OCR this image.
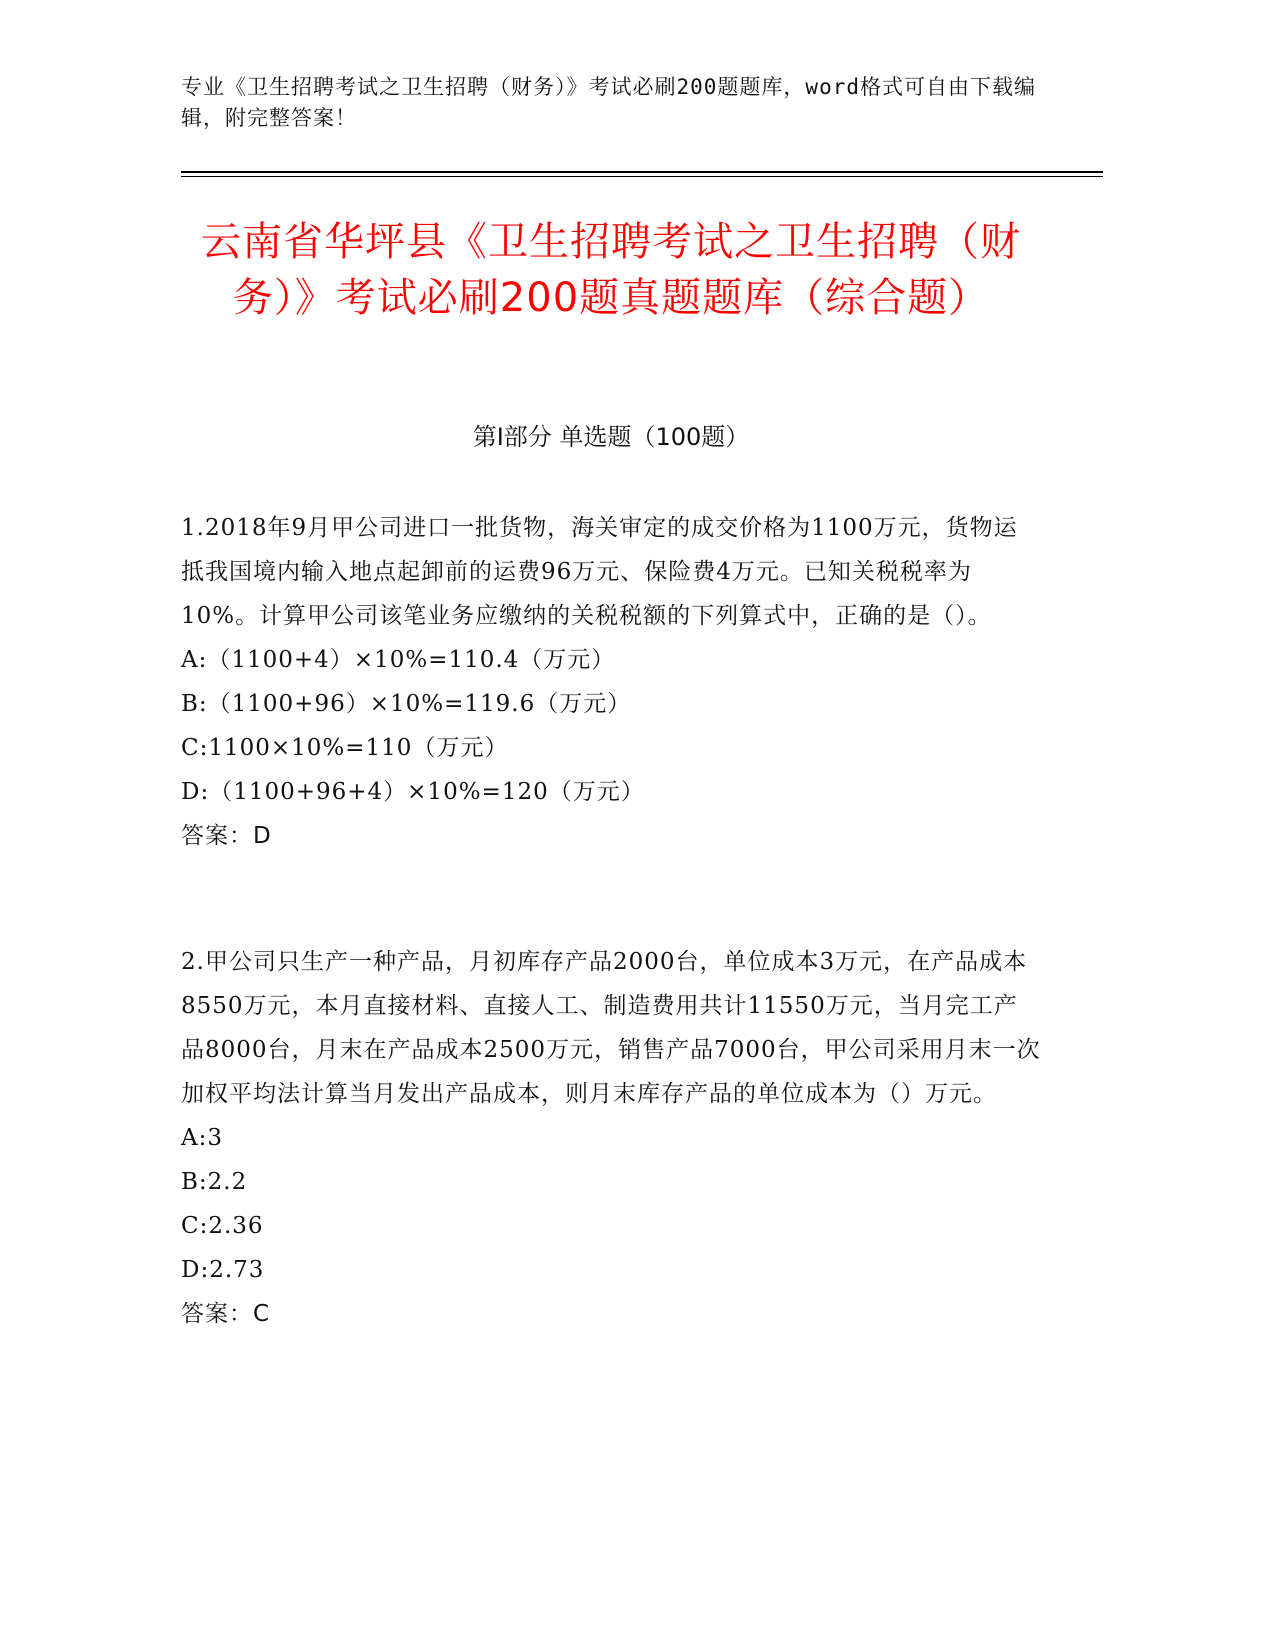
专业《卫生招聘考试之卫生招聘（财务）》考试必刷200题题库，word格式可自由下载编辑，附完整答案！
云南省华坪县《卫生招聘考试之卫生招聘（财务）》考试必刷200题真题题库（综合题）
第I部分 单选题（100题）

1.2018年9月甲公司进口一批货物，海关审定的成交价格为1100万元，货物运抵我国境内输入地点起卸前的运费96万元、保险费4万元。已知关税税率为10%。计算甲公司该笔业务应缴纳的关税税额的下列算式中，正确的是（）。

A:（1100+4）×10%=110.4（万元）

B:（1100+96）×10%=119.6（万元）

C:1100×10%=110（万元）

D:（1100+96+4）×10%=120（万元）

答案：D

2.甲公司只生产一种产品，月初库存产品2000台，单位成本3万元，在产品成本8550万元，本月直接材料、直接人工、制造费用共计11550万元，当月完工产品8000台，月末在产品成本2500万元，销售产品7000台，甲公司采用月末一次加权平均法计算当月发出产品成本，则月末库存产品的单位成本为（）万元。

A:3

B:2.2

C:2.36

D:2.73

答案：C
